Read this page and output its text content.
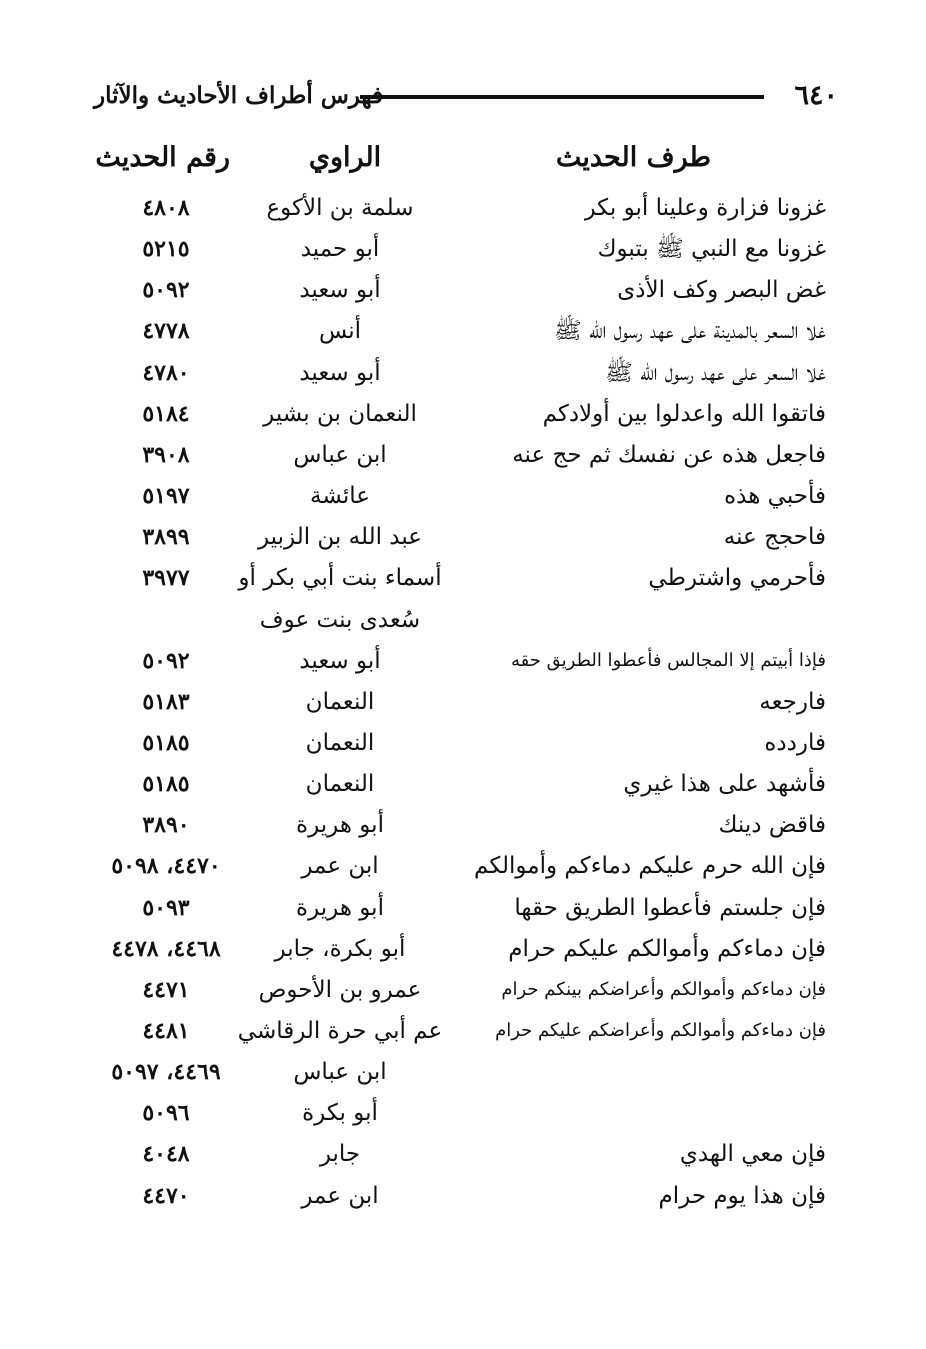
٦٤٠
فهرس أطراف الأحاديث والآثار
طرف الحديث
الراوي
رقم الحديث
غزونا فزارة وعلينا أبو بكر
سلمة بن الأكوع
٤٨٠٨
غزونا مع النبي ﷺ بتبوك
أبو حميد
٥٢١٥
غض البصر وكف الأذى
أبو سعيد
٥٠٩٢
غلا السعر بالمدينة على عهد رسول الله ﷺ
أنس
٤٧٧٨
غلا السعر على عهد رسول الله ﷺ
أبو سعيد
٤٧٨٠
فاتقوا الله واعدلوا بين أولادكم
النعمان بن بشير
٥١٨٤
فاجعل هذه عن نفسك ثم حج عنه
ابن عباس
٣٩٠٨
فأحبي هذه
عائشة
٥١٩٧
فاحجج عنه
عبد الله بن الزبير
٣٨٩٩
فأحرمي واشترطي
أسماء بنت أبي بكر أو
٣٩٧٧
سُعدى بنت عوف
فإذا أبيتم إلا المجالس فأعطوا الطريق حقه
أبو سعيد
٥٠٩٢
فارجعه
النعمان
٥١٨٣
فاردده
النعمان
٥١٨٥
فأشهد على هذا غيري
النعمان
٥١٨٥
فاقض دينك
أبو هريرة
٣٨٩٠
فإن الله حرم عليكم دماءكم وأموالكم
ابن عمر
٤٤٧٠، ٥٠٩٨
فإن جلستم فأعطوا الطريق حقها
أبو هريرة
٥٠٩٣
فإن دماءكم وأموالكم عليكم حرام
أبو بكرة، جابر
٤٤٦٨، ٤٤٧٨
فإن دماءكم وأموالكم وأعراضكم بينكم حرام
عمرو بن الأحوص
٤٤٧١
فإن دماءكم وأموالكم وأعراضكم عليكم حرام
عم أبي حرة الرقاشي
٤٤٨١
ابن عباس
٤٤٦٩، ٥٠٩٧
أبو بكرة
٥٠٩٦
فإن معي الهدي
جابر
٤٠٤٨
فإن هذا يوم حرام
ابن عمر
٤٤٧٠
